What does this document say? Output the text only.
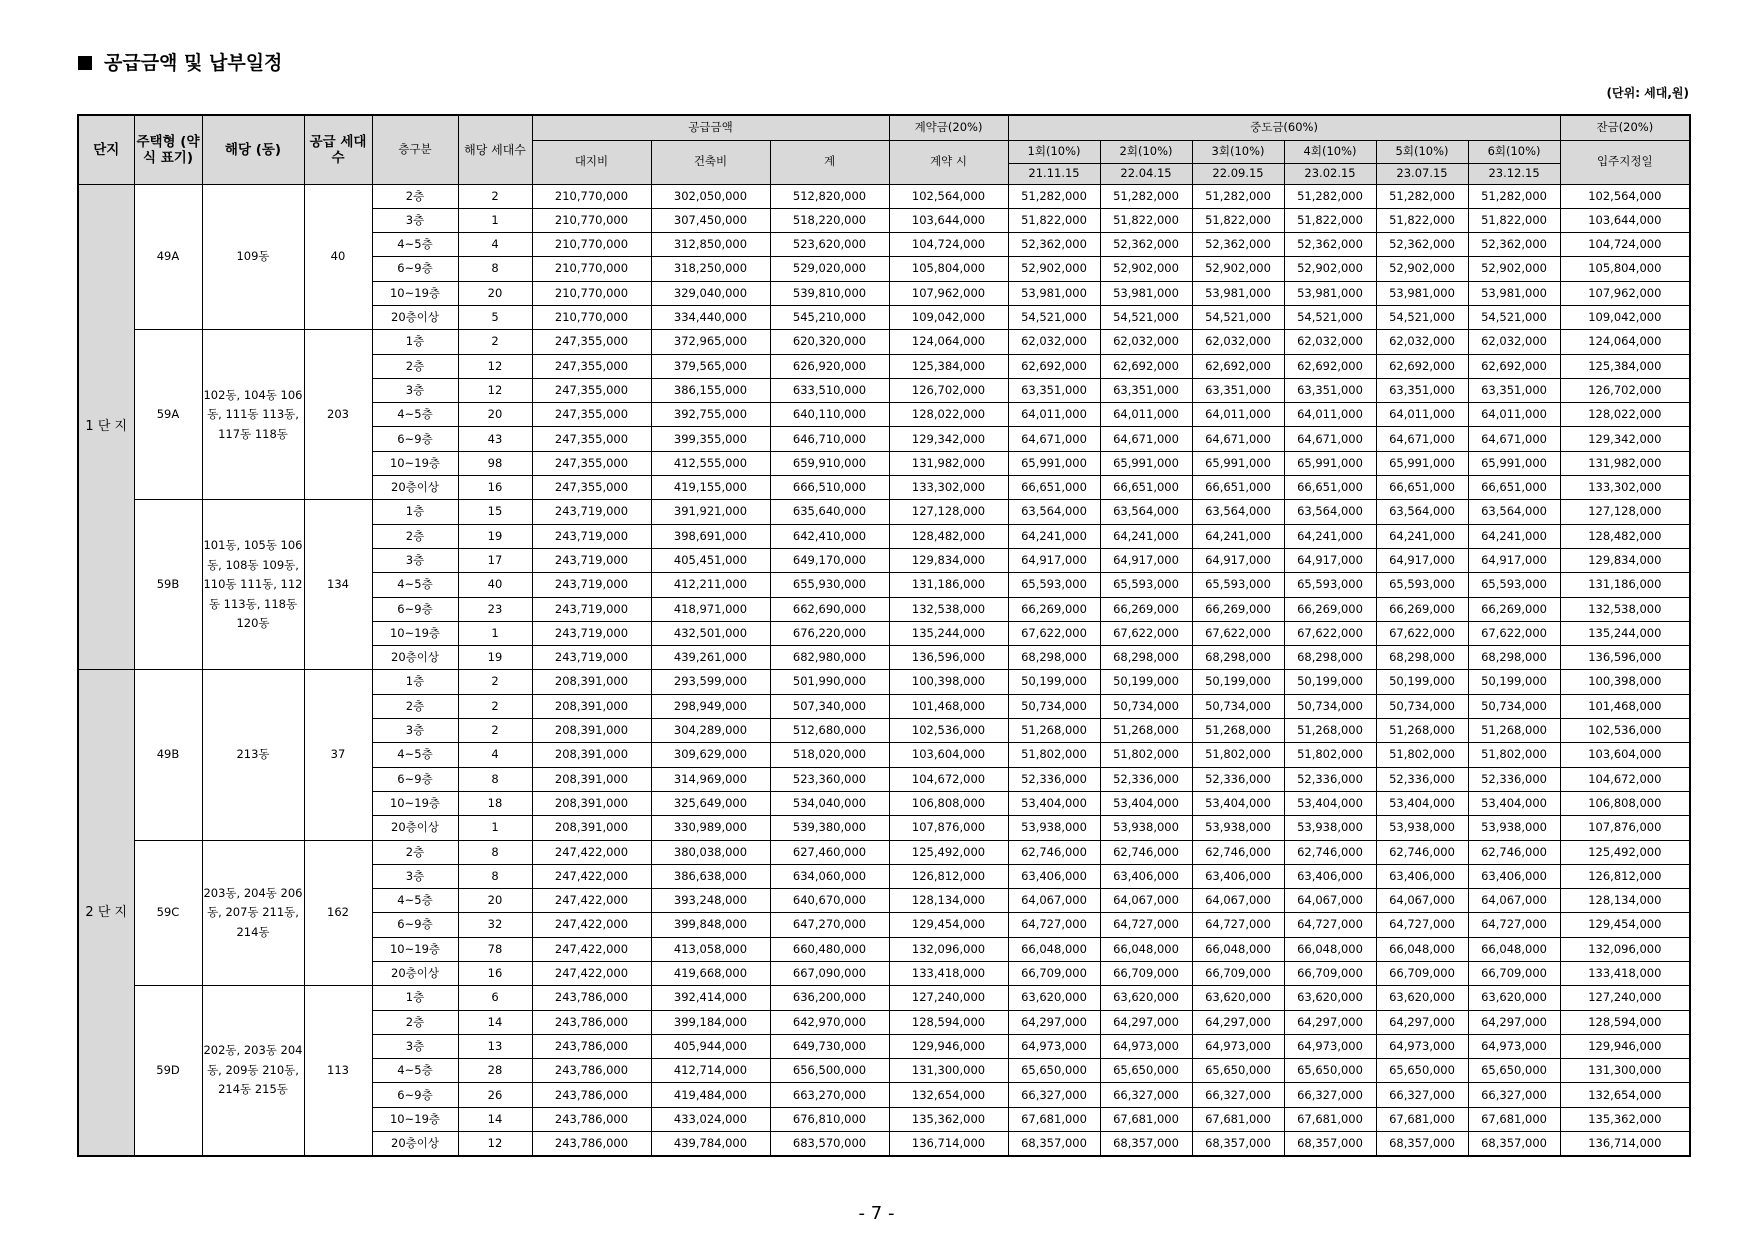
공급금액 및 납부일정
(단위: 세대,원)
단지	주택형 (약식 표기)	해당 (동)	공급 세대수	층구분	해당 세대수	공급금액			계약금(20%)	중도금(60%)						잔금(20%)
						대지비	건축비	계	계약 시	1회(10%)	2회(10%)	3회(10%)	4회(10%)	5회(10%)	6회(10%)	입주지정일
										21.11.15	22.04.15	22.09.15	23.02.15	23.07.15	23.12.15	
1 단 지	49A	109동	40	2층	2	210,770,000	302,050,000	512,820,000	102,564,000	51,282,000	51,282,000	51,282,000	51,282,000	51,282,000	51,282,000	102,564,000
				3층	1	210,770,000	307,450,000	518,220,000	103,644,000	51,822,000	51,822,000	51,822,000	51,822,000	51,822,000	51,822,000	103,644,000
				4~5층	4	210,770,000	312,850,000	523,620,000	104,724,000	52,362,000	52,362,000	52,362,000	52,362,000	52,362,000	52,362,000	104,724,000
				6~9층	8	210,770,000	318,250,000	529,020,000	105,804,000	52,902,000	52,902,000	52,902,000	52,902,000	52,902,000	52,902,000	105,804,000
				10~19층	20	210,770,000	329,040,000	539,810,000	107,962,000	53,981,000	53,981,000	53,981,000	53,981,000	53,981,000	53,981,000	107,962,000
				20층이상	5	210,770,000	334,440,000	545,210,000	109,042,000	54,521,000	54,521,000	54,521,000	54,521,000	54,521,000	54,521,000	109,042,000
	59A	102동, 104동 106동, 111동 113동, 117동 118동	203	1층	2	247,355,000	372,965,000	620,320,000	124,064,000	62,032,000	62,032,000	62,032,000	62,032,000	62,032,000	62,032,000	124,064,000
				2층	12	247,355,000	379,565,000	626,920,000	125,384,000	62,692,000	62,692,000	62,692,000	62,692,000	62,692,000	62,692,000	125,384,000
				3층	12	247,355,000	386,155,000	633,510,000	126,702,000	63,351,000	63,351,000	63,351,000	63,351,000	63,351,000	63,351,000	126,702,000
				4~5층	20	247,355,000	392,755,000	640,110,000	128,022,000	64,011,000	64,011,000	64,011,000	64,011,000	64,011,000	64,011,000	128,022,000
				6~9층	43	247,355,000	399,355,000	646,710,000	129,342,000	64,671,000	64,671,000	64,671,000	64,671,000	64,671,000	64,671,000	129,342,000
				10~19층	98	247,355,000	412,555,000	659,910,000	131,982,000	65,991,000	65,991,000	65,991,000	65,991,000	65,991,000	65,991,000	131,982,000
				20층이상	16	247,355,000	419,155,000	666,510,000	133,302,000	66,651,000	66,651,000	66,651,000	66,651,000	66,651,000	66,651,000	133,302,000
	59B	101동, 105동 106동, 108동 109동, 110동 111동, 112동 113동, 118동 120동	134	1층	15	243,719,000	391,921,000	635,640,000	127,128,000	63,564,000	63,564,000	63,564,000	63,564,000	63,564,000	63,564,000	127,128,000
				2층	19	243,719,000	398,691,000	642,410,000	128,482,000	64,241,000	64,241,000	64,241,000	64,241,000	64,241,000	64,241,000	128,482,000
				3층	17	243,719,000	405,451,000	649,170,000	129,834,000	64,917,000	64,917,000	64,917,000	64,917,000	64,917,000	64,917,000	129,834,000
				4~5층	40	243,719,000	412,211,000	655,930,000	131,186,000	65,593,000	65,593,000	65,593,000	65,593,000	65,593,000	65,593,000	131,186,000
				6~9층	23	243,719,000	418,971,000	662,690,000	132,538,000	66,269,000	66,269,000	66,269,000	66,269,000	66,269,000	66,269,000	132,538,000
				10~19층	1	243,719,000	432,501,000	676,220,000	135,244,000	67,622,000	67,622,000	67,622,000	67,622,000	67,622,000	67,622,000	135,244,000
				20층이상	19	243,719,000	439,261,000	682,980,000	136,596,000	68,298,000	68,298,000	68,298,000	68,298,000	68,298,000	68,298,000	136,596,000
2 단 지	49B	213동	37	1층	2	208,391,000	293,599,000	501,990,000	100,398,000	50,199,000	50,199,000	50,199,000	50,199,000	50,199,000	50,199,000	100,398,000
				2층	2	208,391,000	298,949,000	507,340,000	101,468,000	50,734,000	50,734,000	50,734,000	50,734,000	50,734,000	50,734,000	101,468,000
				3층	2	208,391,000	304,289,000	512,680,000	102,536,000	51,268,000	51,268,000	51,268,000	51,268,000	51,268,000	51,268,000	102,536,000
				4~5층	4	208,391,000	309,629,000	518,020,000	103,604,000	51,802,000	51,802,000	51,802,000	51,802,000	51,802,000	51,802,000	103,604,000
				6~9층	8	208,391,000	314,969,000	523,360,000	104,672,000	52,336,000	52,336,000	52,336,000	52,336,000	52,336,000	52,336,000	104,672,000
				10~19층	18	208,391,000	325,649,000	534,040,000	106,808,000	53,404,000	53,404,000	53,404,000	53,404,000	53,404,000	53,404,000	106,808,000
				20층이상	1	208,391,000	330,989,000	539,380,000	107,876,000	53,938,000	53,938,000	53,938,000	53,938,000	53,938,000	53,938,000	107,876,000
	59C	203동, 204동 206동, 207동 211동, 214동	162	2층	8	247,422,000	380,038,000	627,460,000	125,492,000	62,746,000	62,746,000	62,746,000	62,746,000	62,746,000	62,746,000	125,492,000
				3층	8	247,422,000	386,638,000	634,060,000	126,812,000	63,406,000	63,406,000	63,406,000	63,406,000	63,406,000	63,406,000	126,812,000
				4~5층	20	247,422,000	393,248,000	640,670,000	128,134,000	64,067,000	64,067,000	64,067,000	64,067,000	64,067,000	64,067,000	128,134,000
				6~9층	32	247,422,000	399,848,000	647,270,000	129,454,000	64,727,000	64,727,000	64,727,000	64,727,000	64,727,000	64,727,000	129,454,000
				10~19층	78	247,422,000	413,058,000	660,480,000	132,096,000	66,048,000	66,048,000	66,048,000	66,048,000	66,048,000	66,048,000	132,096,000
				20층이상	16	247,422,000	419,668,000	667,090,000	133,418,000	66,709,000	66,709,000	66,709,000	66,709,000	66,709,000	66,709,000	133,418,000
	59D	202동, 203동 204동, 209동 210동, 214동 215동	113	1층	6	243,786,000	392,414,000	636,200,000	127,240,000	63,620,000	63,620,000	63,620,000	63,620,000	63,620,000	63,620,000	127,240,000
				2층	14	243,786,000	399,184,000	642,970,000	128,594,000	64,297,000	64,297,000	64,297,000	64,297,000	64,297,000	64,297,000	128,594,000
				3층	13	243,786,000	405,944,000	649,730,000	129,946,000	64,973,000	64,973,000	64,973,000	64,973,000	64,973,000	64,973,000	129,946,000
				4~5층	28	243,786,000	412,714,000	656,500,000	131,300,000	65,650,000	65,650,000	65,650,000	65,650,000	65,650,000	65,650,000	131,300,000
				6~9층	26	243,786,000	419,484,000	663,270,000	132,654,000	66,327,000	66,327,000	66,327,000	66,327,000	66,327,000	66,327,000	132,654,000
				10~19층	14	243,786,000	433,024,000	676,810,000	135,362,000	67,681,000	67,681,000	67,681,000	67,681,000	67,681,000	67,681,000	135,362,000
				20층이상	12	243,786,000	439,784,000	683,570,000	136,714,000	68,357,000	68,357,000	68,357,000	68,357,000	68,357,000	68,357,000	136,714,000
- 7 -
